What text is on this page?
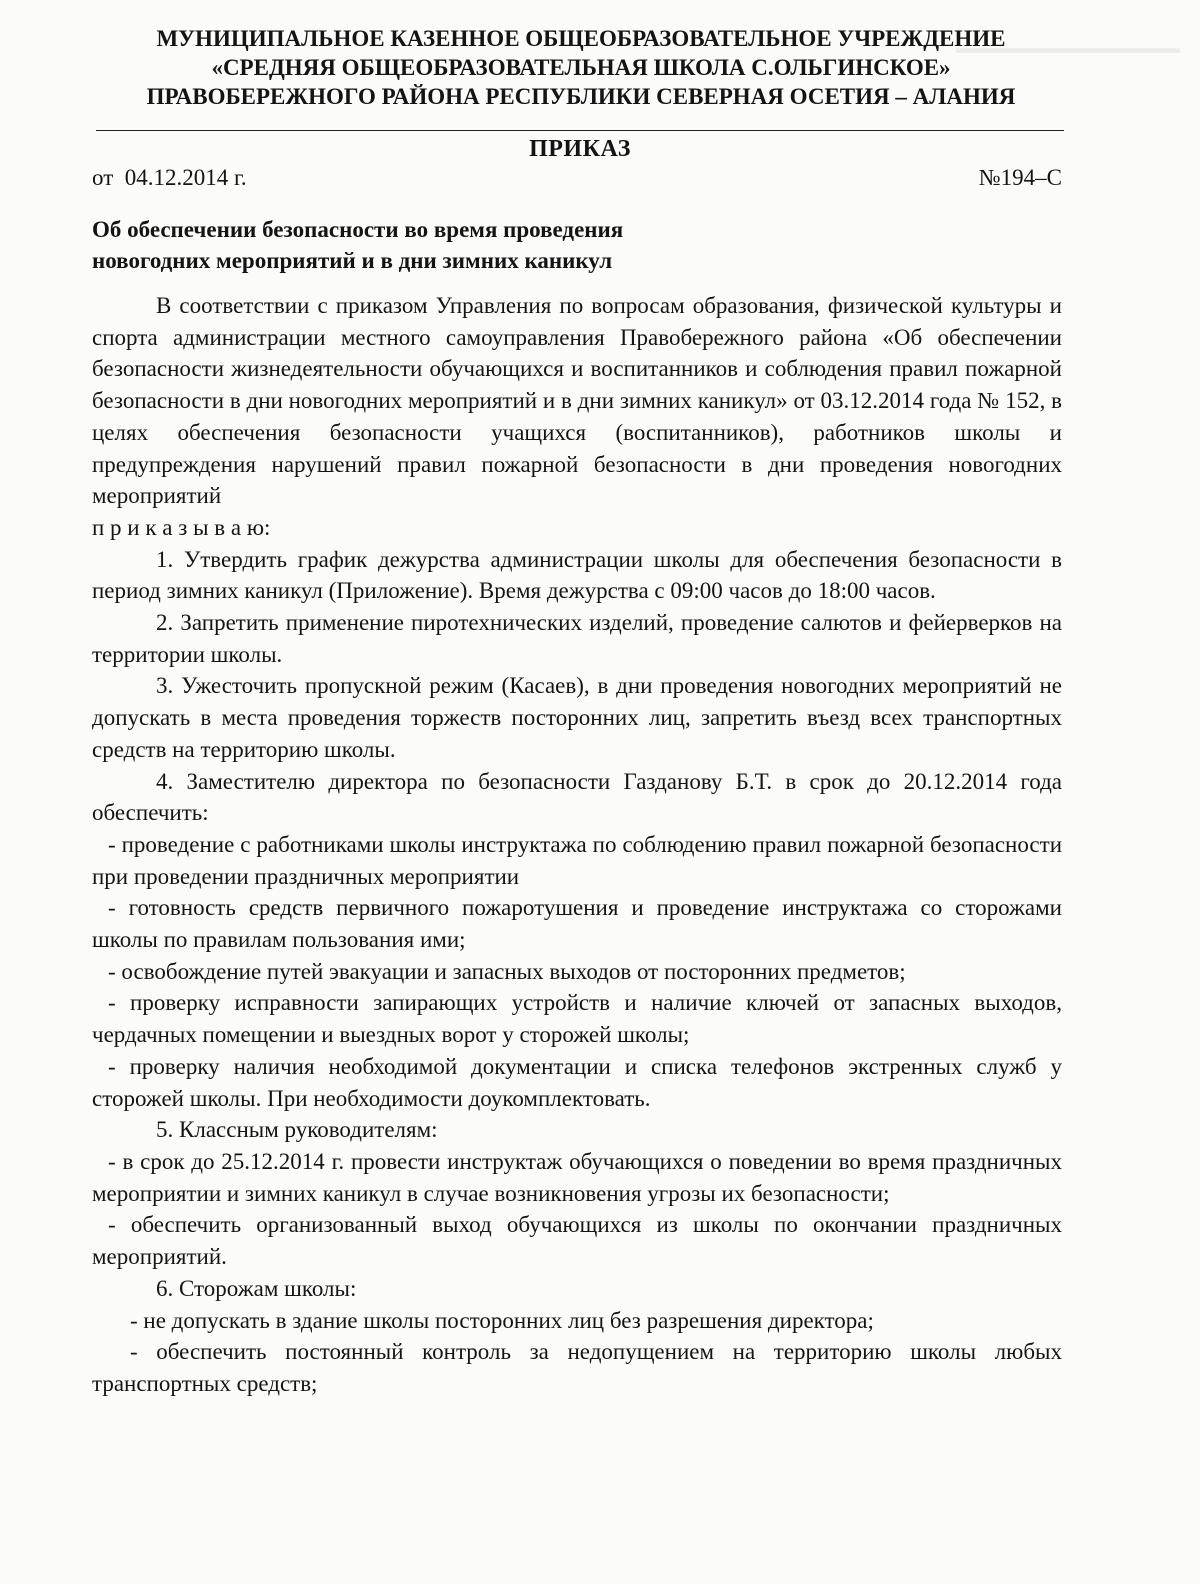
▬▬▬▬▬▬▬▬▬▬▬▬▬▬
МУНИЦИПАЛЬНОЕ КАЗЕННОЕ ОБЩЕОБРАЗОВАТЕЛЬНОЕ УЧРЕЖДЕНИЕ
«СРЕДНЯЯ ОБЩЕОБРАЗОВАТЕЛЬНАЯ ШКОЛА С.ОЛЬГИНСКОЕ»
ПРАВОБЕРЕЖНОГО РАЙОНА РЕСПУБЛИКИ СЕВЕРНАЯ ОСЕТИЯ – АЛАНИЯ
ПРИКАЗ
от  04.12.2014 г.	№194–С
Об обеспечении безопасности во время проведения
новогодних мероприятий и в дни зимних каникул

В соответствии с приказом Управления по вопросам образования, физической культуры и спорта администрации местного самоуправления Правобережного района «Об обеспечении безопасности жизнедеятельности обучающихся и воспитанников и соблюдения правил пожарной безопасности в дни новогодних мероприятий и в дни зимних каникул» от 03.12.2014 года № 152, в целях обеспечения безопасности учащихся (воспитанников), работников школы и предупреждения нарушений правил пожарной безопасности в дни проведения новогодних мероприятий

п р и к а з ы в а ю:

1. Утвердить график дежурства администрации школы для обеспечения безопасности в период зимних каникул (Приложение). Время дежурства с 09:00 часов до 18:00 часов.

2. Запретить применение пиротехнических изделий, проведение салютов и фейерверков на территории школы.

3. Ужесточить пропускной режим (Касаев), в дни проведения новогодних мероприятий не допускать в места проведения торжеств посторонних лиц, запретить въезд всех транспортных средств на территорию школы.

4. Заместителю директора по безопасности Газданову Б.Т. в срок до 20.12.2014 года обеспечить:

- проведение с работниками школы инструктажа по соблюдению правил пожарной безопасности при проведении праздничных мероприятии

- готовность средств первичного пожаротушения и проведение инструктажа со сторожами школы по правилам пользования ими;

- освобождение путей эвакуации и запасных выходов от посторонних предметов;

- проверку исправности запирающих устройств и наличие ключей от запасных выходов, чердачных помещении и выездных ворот у сторожей школы;

- проверку наличия необходимой документации и списка телефонов экстренных служб у сторожей школы. При необходимости доукомплектовать.

5. Классным руководителям:

- в срок до 25.12.2014 г. провести инструктаж обучающихся о поведении во время праздничных мероприятии и зимних каникул в случае возникновения угрозы их безопасности;

- обеспечить организованный выход обучающихся из школы по окончании праздничных мероприятий.

6. Сторожам школы:

- не допускать в здание школы посторонних лиц без разрешения директора;

- обеспечить постоянный контроль за недопущением на территорию школы любых транспортных средств;
